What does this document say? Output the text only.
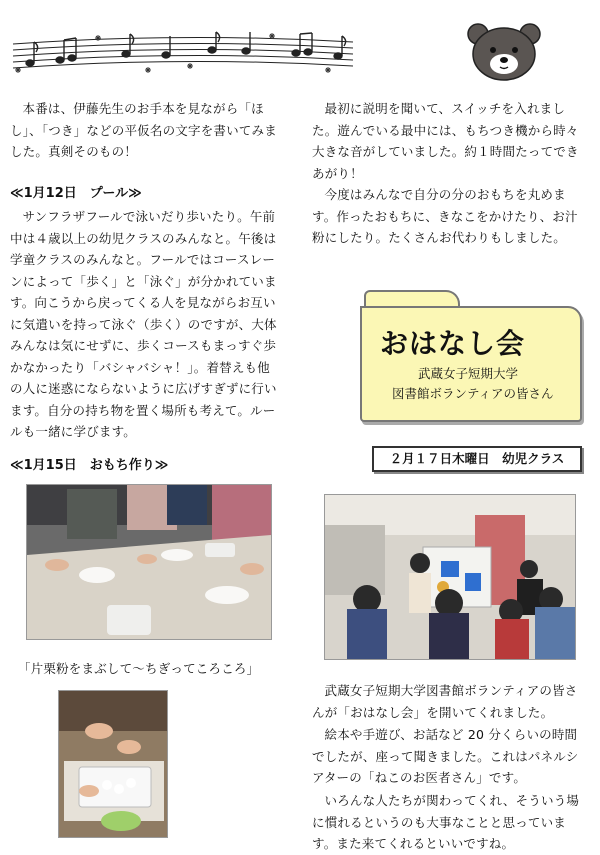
本番は、伊藤先生のお手本を見ながら「ほし」、「つき」などの平仮名の文字を書いてみました。真剣そのもの！

≪1月12日　プール≫

サンフラザフールで泳いだり歩いたり。午前中は４歳以上の幼児クラスのみんなと。午後は学童クラスのみんなと。フールではコースレーンによって「歩く」と「泳ぐ」が分かれています。向こうから戻ってくる人を見ながらお互いに気遣いを持って泳ぐ（歩く）のですが、大体みんなは気にせずに、歩くコースもまっすぐ歩かなかったり「バシャバシャ！」。着替えも他の人に迷惑にならないように広げすぎずに行います。自分の持ち物を置く場所も考えて。ルールも一緒に学びます。

≪1月15日　おもち作り≫

「片栗粉をまぶして〜ちぎってころころ」

最初に説明を聞いて、スイッチを入れました。遊んでいる最中には、もちつき機から時々大きな音がしていました。約１時間たってできあがり！

今度はみんなで自分の分のおもちを丸めます。作ったおもちに、きなこをかけたり、お汁粉にしたり。たくさんお代わりもしました。

おはなし会
武蔵女子短期大学
図書館ボランティアの皆さん
２月１７日木曜日　幼児クラス

武蔵女子短期大学図書館ボランティアの皆さんが「おはなし会」を開いてくれました。

絵本や手遊び、お話など 20 分くらいの時間でしたが、座って聞きました。これはパネルシアターの「ねこのお医者さん」です。

いろんな人たちが関わってくれ、そういう場に慣れるというのも大事なことと思っています。また来てくれるといいですね。
